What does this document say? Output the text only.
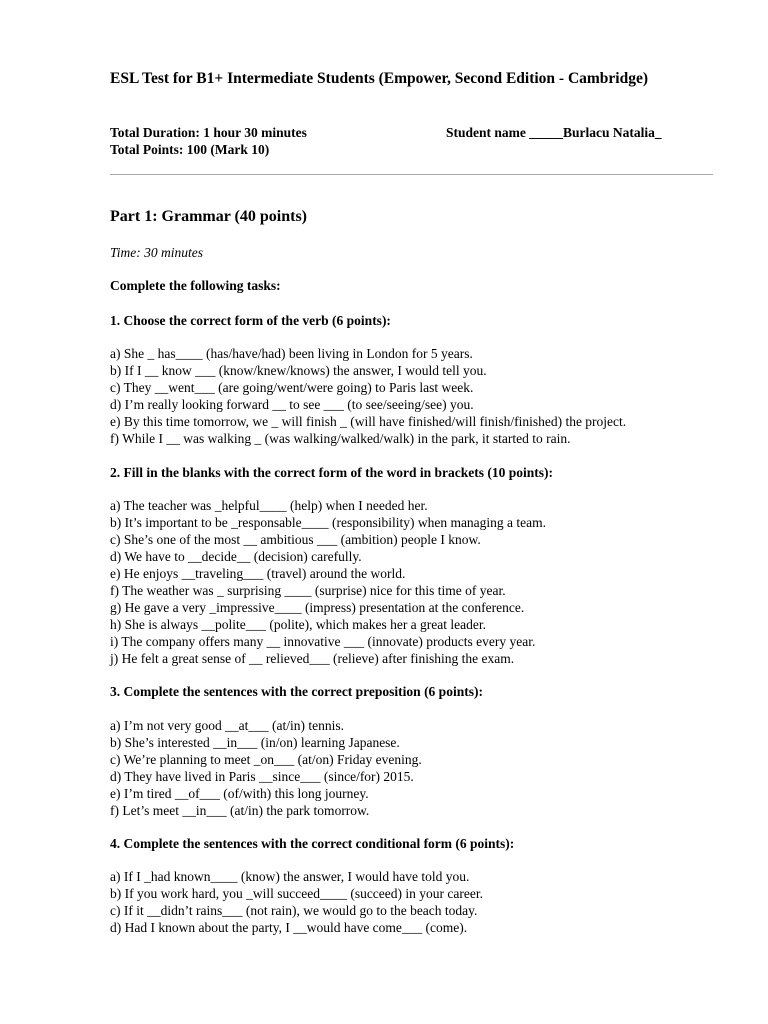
ESL Test for B1+ Intermediate Students (Empower, Second Edition - Cambridge)
Total Duration: 1 hour 30 minutes
Total Points: 100 (Mark 10)
Student name _____Burlacu Natalia_
Part 1: Grammar (40 points)
Time: 30 minutes
Complete the following tasks:
1. Choose the correct form of the verb (6 points):
a) She _ has____ (has/have/had) been living in London for 5 years.
b) If I __ know ___ (know/knew/knows) the answer, I would tell you.
c) They __went___ (are going/went/were going) to Paris last week.
d) I’m really looking forward __ to see ___ (to see/seeing/see) you.
e) By this time tomorrow, we _ will finish _ (will have finished/will finish/finished) the project.
f) While I __ was walking _ (was walking/walked/walk) in the park, it started to rain.
2. Fill in the blanks with the correct form of the word in brackets (10 points):
a) The teacher was _helpful____ (help) when I needed her.
b) It’s important to be _responsable____ (responsibility) when managing a team.
c) She’s one of the most __ ambitious ___ (ambition) people I know.
d) We have to __decide__ (decision) carefully.
e) He enjoys __traveling___ (travel) around the world.
f) The weather was _ surprising ____ (surprise) nice for this time of year.
g) He gave a very _impressive____ (impress) presentation at the conference.
h) She is always __polite___ (polite), which makes her a great leader.
i) The company offers many __ innovative ___ (innovate) products every year.
j) He felt a great sense of __ relieved___ (relieve) after finishing the exam.
3. Complete the sentences with the correct preposition (6 points):
a) I’m not very good __at___ (at/in) tennis.
b) She’s interested __in___ (in/on) learning Japanese.
c) We’re planning to meet _on___ (at/on) Friday evening.
d) They have lived in Paris __since___ (since/for) 2015.
e) I’m tired __of___ (of/with) this long journey.
f) Let’s meet __in___ (at/in) the park tomorrow.
4. Complete the sentences with the correct conditional form (6 points):
a) If I _had known____ (know) the answer, I would have told you.
b) If you work hard, you _will succeed____ (succeed) in your career.
c) If it __didn’t rains___ (not rain), we would go to the beach today.
d) Had I known about the party, I __would have come___ (come).
